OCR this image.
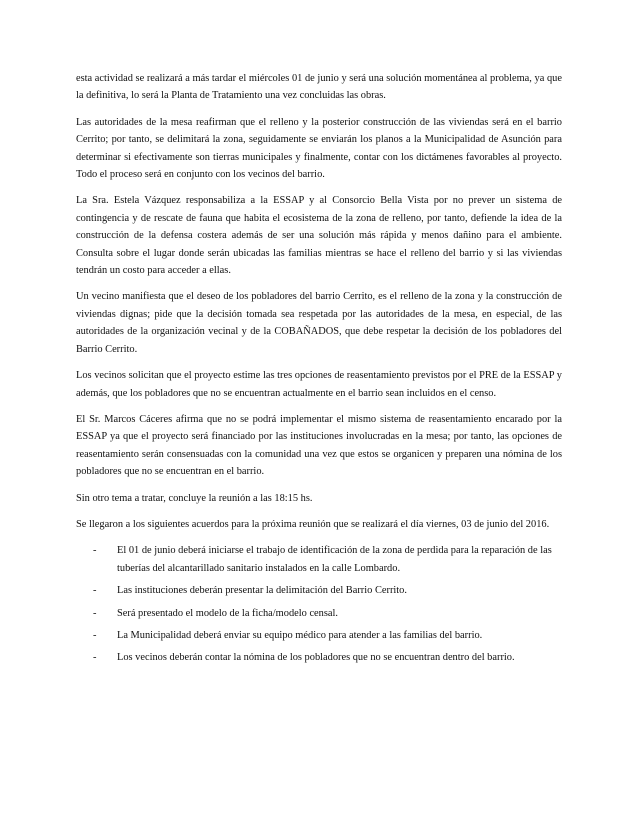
esta actividad se realizará a más tardar el miércoles 01 de junio y será una solución momentánea al problema, ya que la definitiva, lo será la Planta de Tratamiento una vez concluidas las obras.

Las autoridades de la mesa reafirman que el relleno y la posterior construcción de las viviendas será en el barrio Cerrito; por tanto, se delimitará la zona, seguidamente se enviarán los planos a la Municipalidad de Asunción para determinar si efectivamente son tierras municipales y finalmente, contar con los dictámenes favorables al proyecto. Todo el proceso será en conjunto con los vecinos del barrio.

La Sra. Estela Vázquez responsabiliza a la ESSAP y al Consorcio Bella Vista por no prever un sistema de contingencia y de rescate de fauna que habita el ecosistema de la zona de relleno, por tanto, defiende la idea de la construcción de la defensa costera además de ser una solución más rápida y menos dañino para el ambiente. Consulta sobre el lugar donde serán ubicadas las familias mientras se hace el relleno del barrio y si las viviendas tendrán un costo para acceder a ellas.

Un vecino manifiesta que el deseo de los pobladores del barrio Cerrito, es el relleno de la zona y la construcción de viviendas dignas; pide que la decisión tomada sea respetada por las autoridades de la mesa, en especial, de las autoridades de la organización vecinal y de la COBAÑADOS, que debe respetar la decisión de los pobladores del Barrio Cerrito.

Los vecinos solicitan que el proyecto estime las tres opciones de reasentamiento previstos por el PRE de la ESSAP y además, que los pobladores que no se encuentran actualmente en el barrio sean incluidos en el censo.

El Sr. Marcos Cáceres afirma que no se podrá implementar el mismo sistema de reasentamiento encarado por la ESSAP ya que el proyecto será financiado por las instituciones involucradas en la mesa; por tanto, las opciones de reasentamiento serán consensuadas con la comunidad una vez que estos se organicen y preparen una nómina de los pobladores que no se encuentran en el barrio.

Sin otro tema a tratar, concluye la reunión a las 18:15 hs.

Se llegaron a los siguientes acuerdos para la próxima reunión que se realizará el día viernes, 03 de junio del 2016.

- El 01 de junio deberá iniciarse el trabajo de identificación de la zona de perdida para la reparación de las tuberías del alcantarillado sanitario instalados en la calle Lombardo.
- Las instituciones deberán presentar la delimitación del Barrio Cerrito.
- Será presentado el modelo de la ficha/modelo censal.
- La Municipalidad deberá enviar su equipo médico para atender a las familias del barrio.
- Los vecinos deberán contar la nómina de los pobladores que no se encuentran dentro del barrio.
